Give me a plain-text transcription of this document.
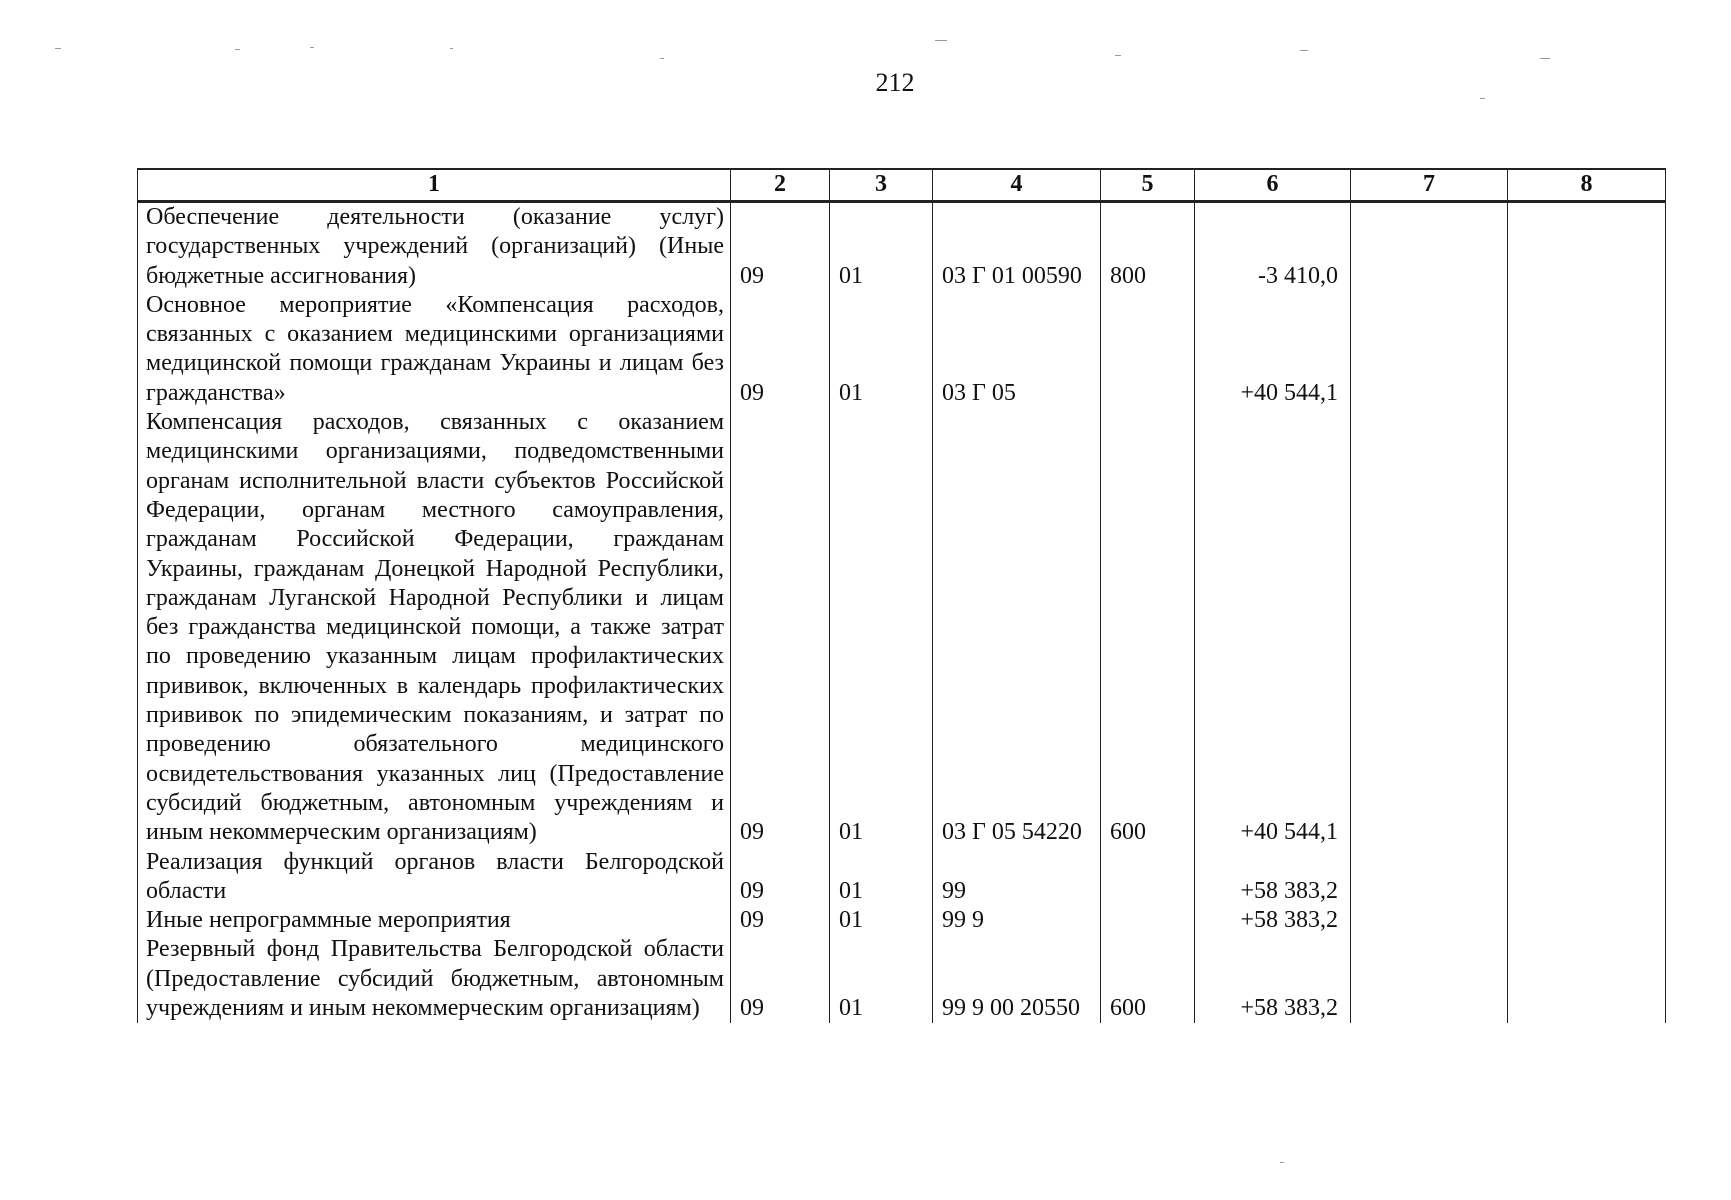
212
1	2	3	4	5	6	7	8
Обеспечение деятельности (оказание услуг) государственных учреждений (организаций) (Иные бюджетные ассигнования)	09	01	03 Г 01 00590	800	-3 410,0		
Основное мероприятие «Компенсация расходов, связанных с оказанием медицинскими организациями медицинской помощи гражданам Украины и лицам без гражданства»	09	01	03 Г 05		+40 544,1		
Компенсация расходов, связанных с оказанием медицинскими организациями, подведомственными органам исполнительной власти субъектов Российской Федерации, органам местного самоуправления, гражданам Российской Федерации, гражданам Украины, гражданам Донецкой Народной Республики, гражданам Луганской Народной Республики и лицам без гражданства медицинской помощи, а также затрат по проведению указанным лицам профилактических прививок, включенных в календарь профилактических прививок по эпидемическим показаниям, и затрат по проведению обязательного медицинского освидетельствования указанных лиц (Предоставление субсидий бюджетным, автономным учреждениям и иным некоммерческим организациям)	09	01	03 Г 05 54220	600	+40 544,1		
Реализация функций органов власти Белгородской области	09	01	99		+58 383,2		
Иные непрограммные мероприятия	09	01	99 9		+58 383,2		
Резервный фонд Правительства Белгородской области (Предоставление субсидий бюджетным, автономным учреждениям и иным некоммерческим организациям)	09	01	99 9 00 20550	600	+58 383,2		
